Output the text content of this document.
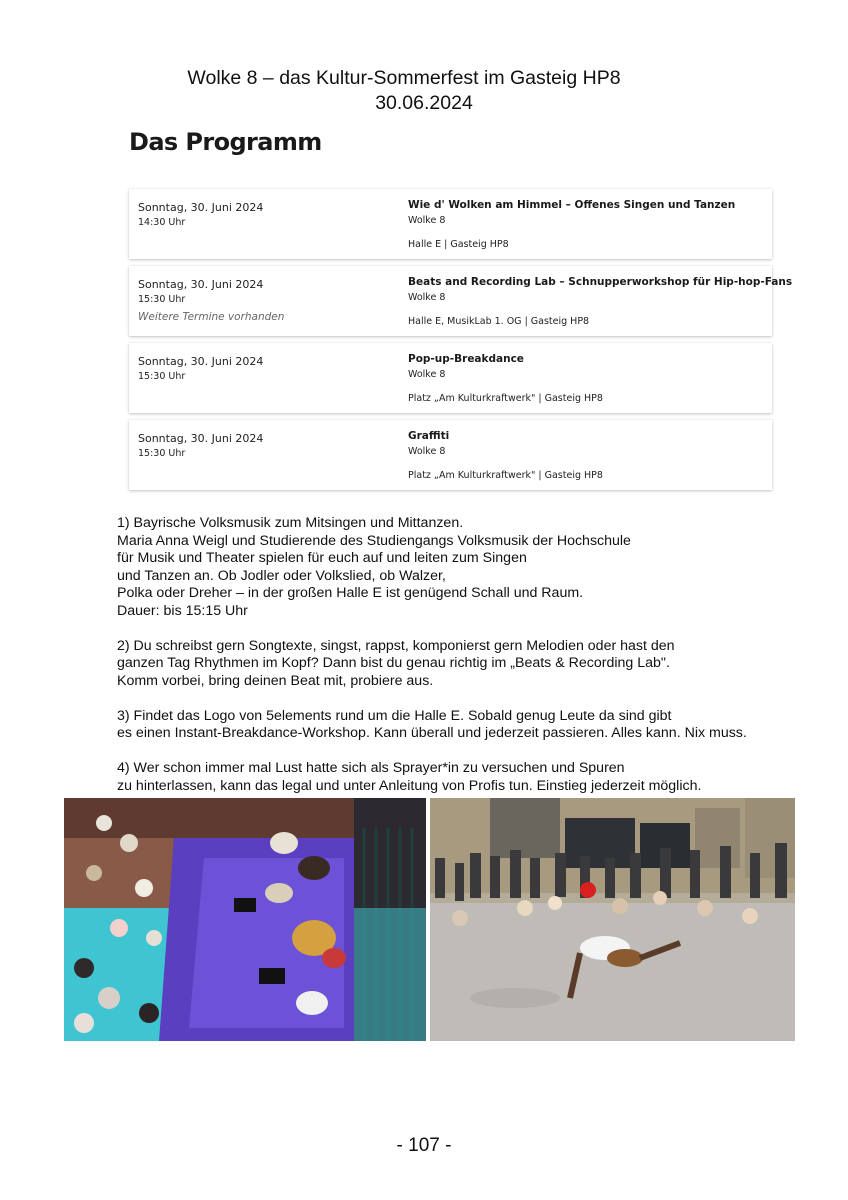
Wolke 8 – das Kultur-Sommerfest im Gasteig HP8
30.06.2024
Das Programm
Sonntag, 30. Juni 2024
14:30 Uhr
Wie d' Wolken am Himmel – Offenes Singen und Tanzen
Wolke 8
Halle E | Gasteig HP8
Sonntag, 30. Juni 2024
15:30 Uhr
Weitere Termine vorhanden
Beats and Recording Lab – Schnupperworkshop für Hip-hop-Fans
Wolke 8
Halle E, MusikLab 1. OG | Gasteig HP8
Sonntag, 30. Juni 2024
15:30 Uhr
Pop-up-Breakdance
Wolke 8
Platz „Am Kulturkraftwerk" | Gasteig HP8
Sonntag, 30. Juni 2024
15:30 Uhr
Graffiti
Wolke 8
Platz „Am Kulturkraftwerk" | Gasteig HP8
1) Bayrische Volksmusik zum Mitsingen und Mittanzen.
Maria Anna Weigl und Studierende des Studiengangs Volksmusik der Hochschule
für Musik und Theater spielen für euch auf und leiten zum Singen
und Tanzen an. Ob Jodler oder Volkslied, ob Walzer,
Polka oder Dreher – in der großen Halle E ist genügend Schall und Raum.
Dauer: bis 15:15 Uhr
2) Du schreibst gern Songtexte, singst, rappst, komponierst gern Melodien oder hast den
ganzen Tag Rhythmen im Kopf? Dann bist du genau richtig im „Beats & Recording Lab".
Komm vorbei, bring deinen Beat mit, probiere aus.
3) Findet das Logo von 5elements rund um die Halle E. Sobald genug Leute da sind gibt
es einen Instant-Breakdance-Workshop. Kann überall und jederzeit passieren. Alles kann. Nix muss.
4) Wer schon immer mal Lust hatte sich als Sprayer*in zu versuchen und Spuren
zu hinterlassen, kann das legal und unter Anleitung von Profis tun. Einstieg jederzeit möglich.
- 107 -
